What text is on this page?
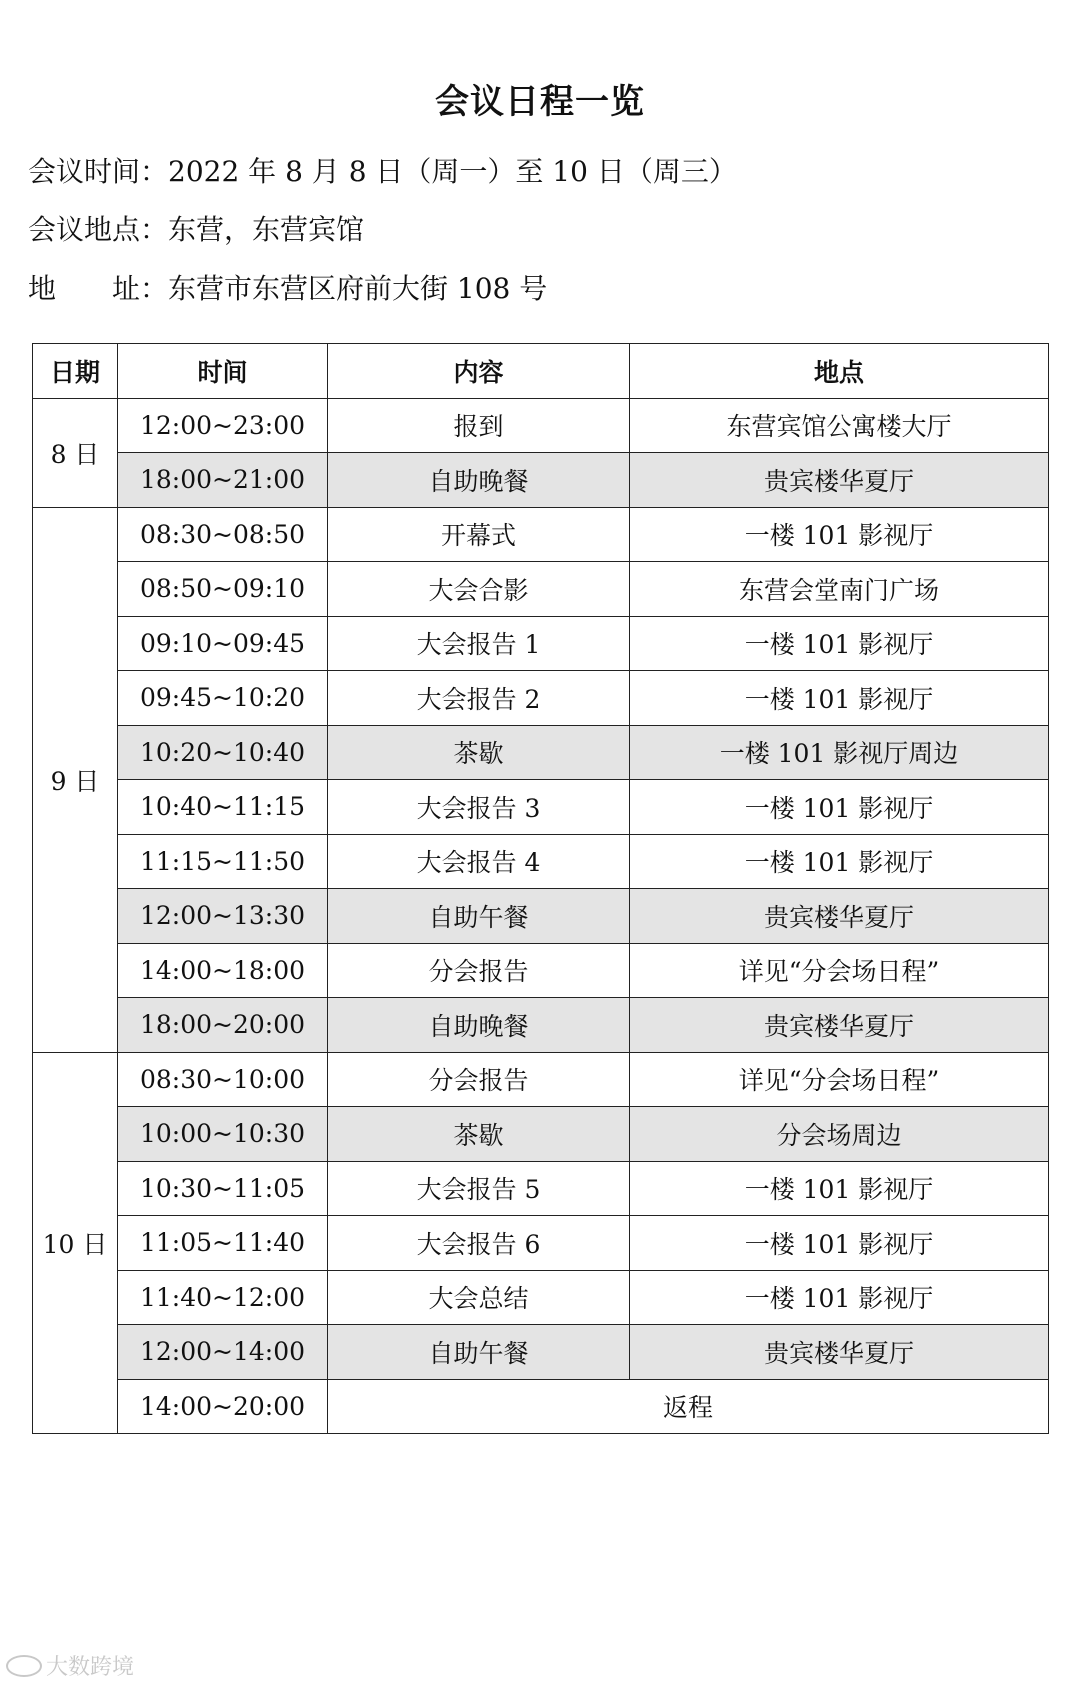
会议日程一览
会议时间：2022 年 8 月 8 日（周一）至 10 日（周三）
会议地点：东营，东营宾馆
地 址：东营市东营区府前大街 108 号
日期	时间	内容	地点
8 日	12:00~23:00	报到	东营宾馆公寓楼大厅
	18:00~21:00	自助晚餐	贵宾楼华夏厅
9 日	08:30~08:50	开幕式	一楼 101 影视厅
	08:50~09:10	大会合影	东营会堂南门广场
	09:10~09:45	大会报告 1	一楼 101 影视厅
	09:45~10:20	大会报告 2	一楼 101 影视厅
	10:20~10:40	茶歇	一楼 101 影视厅周边
	10:40~11:15	大会报告 3	一楼 101 影视厅
	11:15~11:50	大会报告 4	一楼 101 影视厅
	12:00~13:30	自助午餐	贵宾楼华夏厅
	14:00~18:00	分会报告	详见“分会场日程”
	18:00~20:00	自助晚餐	贵宾楼华夏厅
10 日	08:30~10:00	分会报告	详见“分会场日程”
	10:00~10:30	茶歇	分会场周边
	10:30~11:05	大会报告 5	一楼 101 影视厅
	11:05~11:40	大会报告 6	一楼 101 影视厅
	11:40~12:00	大会总结	一楼 101 影视厅
	12:00~14:00	自助午餐	贵宾楼华夏厅
	14:00~20:00	返程	
大数跨境
